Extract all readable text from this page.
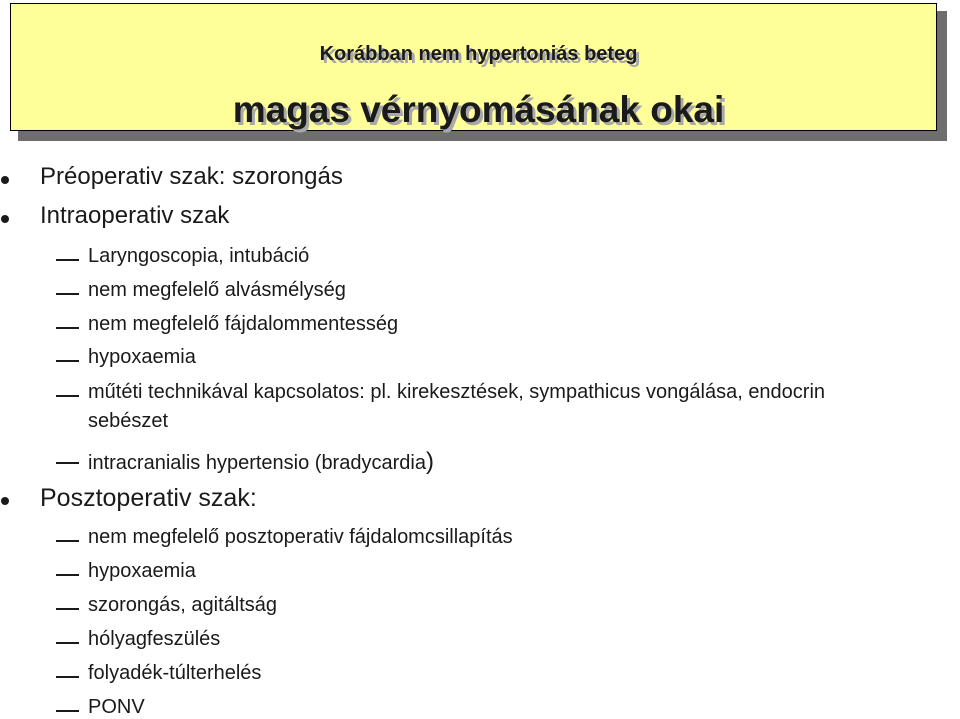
Korábban nem hypertoniás beteg
magas vérnyomásának okai
Préoperativ szak: szorongás
Intraoperativ szak
Laryngoscopia, intubáció
nem megfelelő alvásmélység
nem megfelelő fájdalommentesség
hypoxaemia
műtéti technikával kapcsolatos: pl. kirekesztések, sympathicus vongálása, endocrin
sebészet
intracranialis hypertensio (bradycardia)
Posztoperativ szak:
nem megfelelő posztoperativ fájdalomcsillapítás
hypoxaemia
szorongás, agitáltság
hólyagfeszülés
folyadék-túlterhelés
PONV
